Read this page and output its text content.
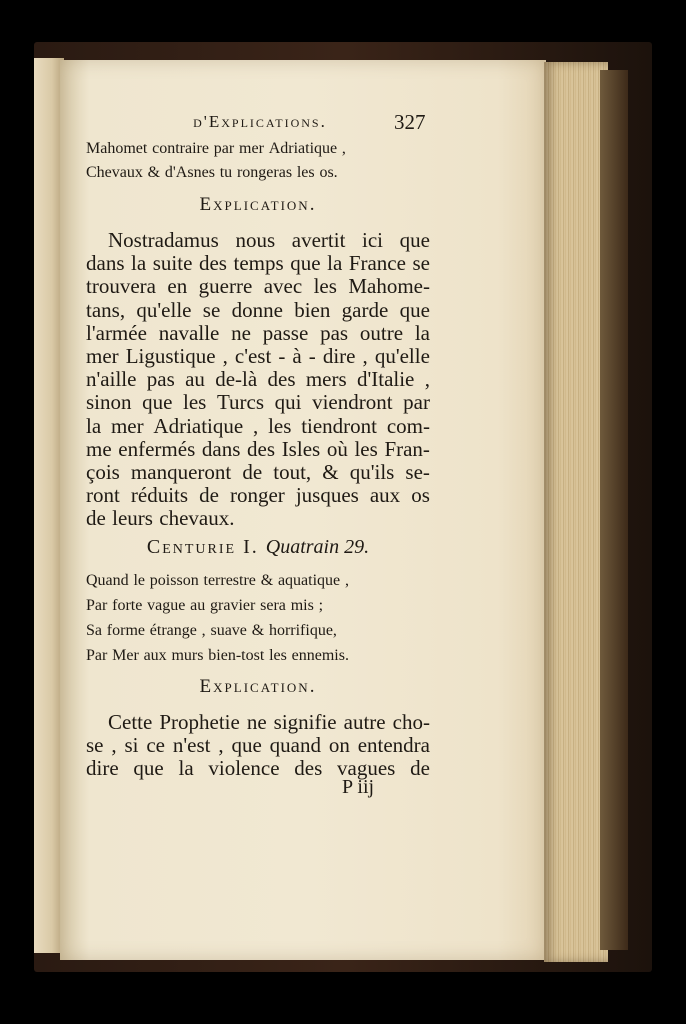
d'Explications.	327
Mahomet contraire par mer Adriatique ,
Chevaux & d'Asnes tu rongeras les os.
Explication.
Nostradamus nous avertit ici que
dans la suite des temps que la France se
trouvera en guerre avec les Mahome-
tans, qu'elle se donne bien garde que
l'armée navalle ne passe pas outre la
mer Ligustique , c'est - à - dire , qu'elle
n'aille pas au de-là des mers d'Italie ,
sinon que les Turcs qui viendront par
la mer Adriatique , les tiendront com-
me enfermés dans des Isles où les Fran-
çois manqueront de tout, & qu'ils se-
ront réduits de ronger jusques aux os
de leurs chevaux.
Centurie I. Quatrain 29.
Quand le poisson terrestre & aquatique ,
Par forte vague au gravier sera mis ;
Sa forme étrange , suave & horrifique,
Par Mer aux murs bien-tost les ennemis.
Explication.
Cette Prophetie ne signifie autre cho-
se , si ce n'est , que quand on entendra
dire que la violence des vagues de
P iij
